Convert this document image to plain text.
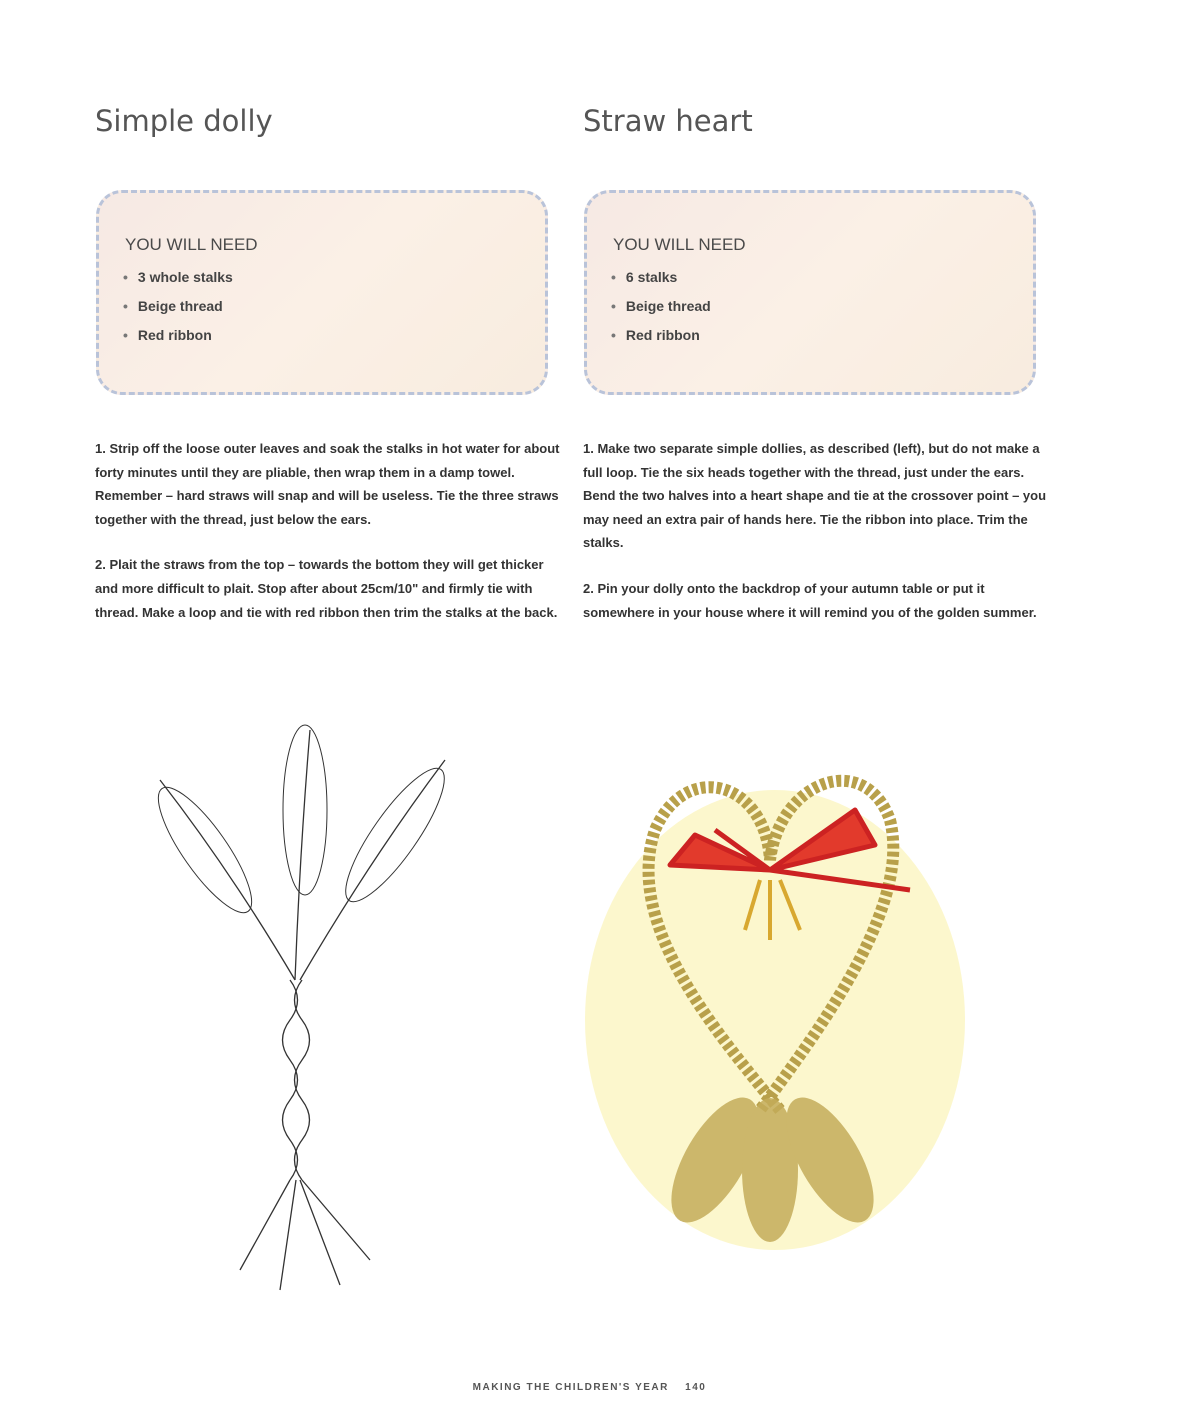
Simple dolly	Straw heart
YOU WILL NEED
• 3 whole stalks
• Beige thread
• Red ribbon
YOU WILL NEED
• 6 stalks
• Beige thread
• Red ribbon

1. Strip off the loose outer leaves and soak the stalks in hot water for about forty minutes until they are pliable, then wrap them in a damp towel. Remember – hard straws will snap and will be useless. Tie the three straws together with the thread, just below the ears.

2. Plait the straws from the top – towards the bottom they will get thicker and more difficult to plait. Stop after about 25cm/10" and firmly tie with thread. Make a loop and tie with red ribbon then trim the stalks at the back.

1. Make two separate simple dollies, as described (left), but do not make a full loop. Tie the six heads together with the thread, just under the ears. Bend the two halves into a heart shape and tie at the crossover point – you may need an extra pair of hands here. Tie the ribbon into place. Trim the stalks.

2. Pin your dolly onto the backdrop of your autumn table or put it somewhere in your house where it will remind you of the golden summer.

MAKING THE CHILDREN'S YEAR 140
